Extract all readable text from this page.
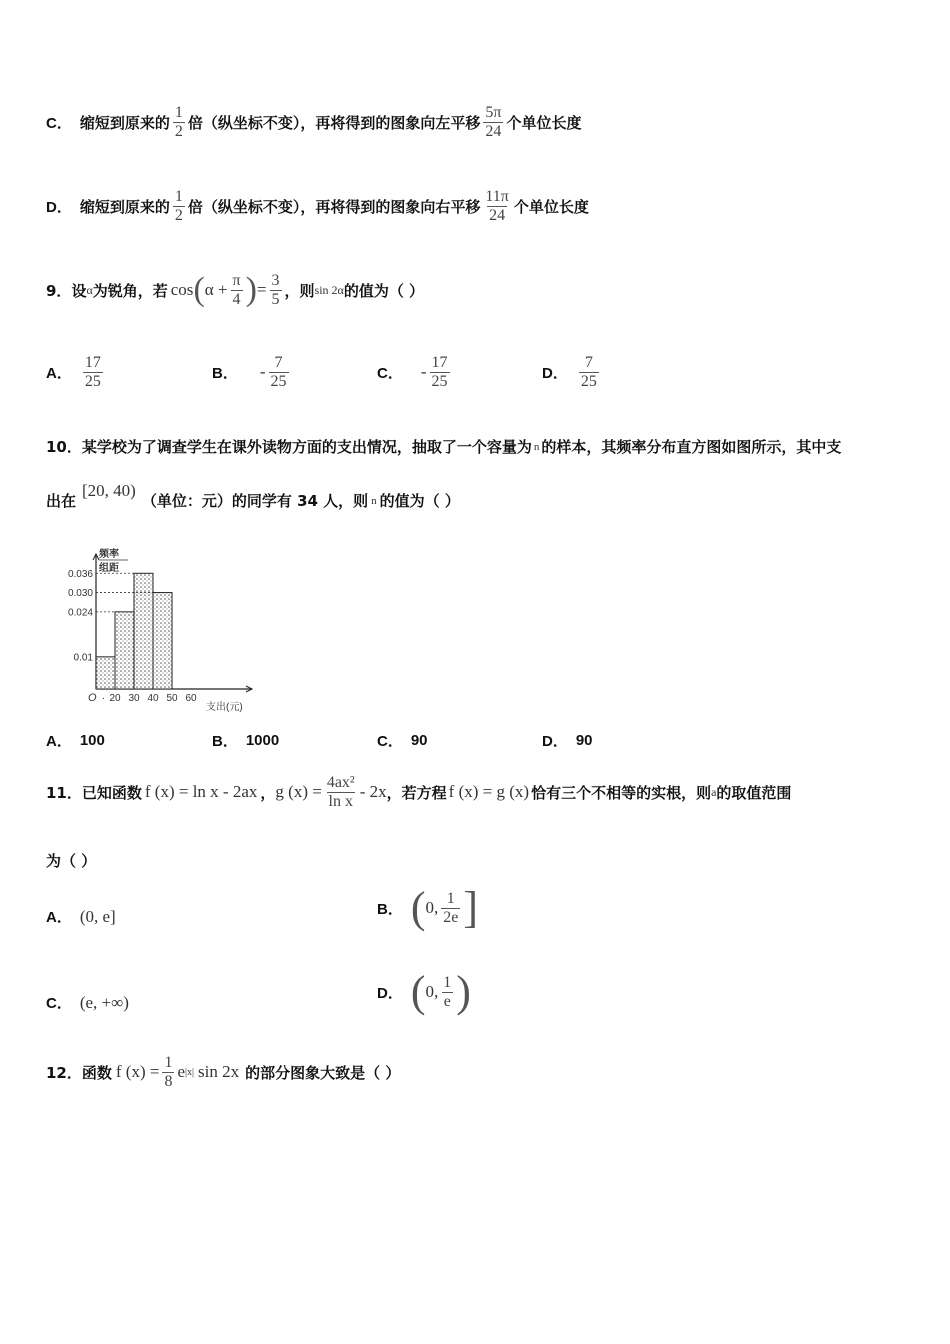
C． 缩短到原来的 $\frac{1}{2}$ 倍（纵坐标不变），再将得到的图象向左平移 $\frac{5\pi}{24}$ 个单位长度
D． 缩短到原来的 $\frac{1}{2}$ 倍（纵坐标不变），再将得到的图象向右平移 $\frac{11\pi}{24}$ 个单位长度
9． 设 α 为锐角，若 cos ( $\alpha + \frac{\pi}{4}$ ) = $\frac{3}{5}$ ，则 sin 2α 的值为（ ）
A． $\frac{17}{25}$	B． - $\frac{7}{25}$	C． - $\frac{17}{25}$	D． $\frac{7}{25}$
10．某学校为了调查学生在课外读物方面的支出情况，抽取了一个容量为 n 的样本，其频率分布直方图如图所示，其中支
出在
[20, 40)
（单位：元）的同学有 34 人，则 n 的值为（ ）
0.036
0.030
0.024
0.01
20 30 40 50 60
·
O
支出(元)
频率
组距
A． 100	B． 1000	C． 90	D． 90
11．已知函数 f (x) = ln x - 2ax ， g $(x) = \frac{\text{4ax²}}{\text{ln x}} - 2x$ ，若方程 f (x) = g (x) 恰有三个不相等的实根，则 a 的取值范围
为（ ）
A． (0, e]	B． ( 0, $\frac{1}{2e}$ ]
C． (e, +∞)	D． ( 0, $\frac{1}{e}$ )
12．函数 f $(x) = \frac{1}{8}$ e |x| sin 2x 的部分图象大致是（ ）
